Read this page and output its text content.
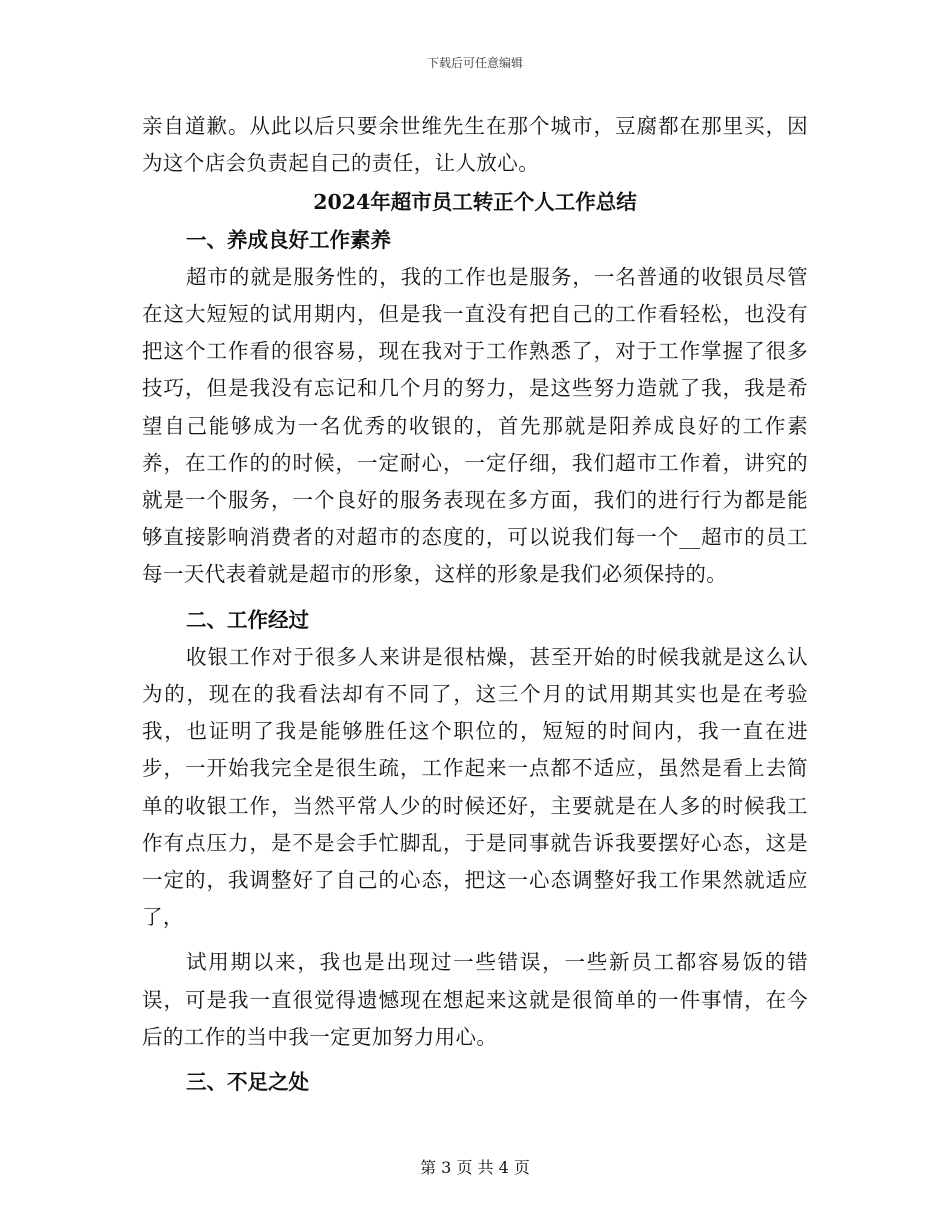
下载后可任意编辑

亲自道歉。从此以后只要余世维先生在那个城市，豆腐都在那里买，因为这个店会负责起自己的责任，让人放心。

2024年超市员工转正个人工作总结

一、养成良好工作素养

超市的就是服务性的，我的工作也是服务，一名普通的收银员尽管在这大短短的试用期内，但是我一直没有把自己的工作看轻松，也没有把这个工作看的很容易，现在我对于工作熟悉了，对于工作掌握了很多技巧，但是我没有忘记和几个月的努力，是这些努力造就了我，我是希望自己能够成为一名优秀的收银的，首先那就是阳养成良好的工作素养，在工作的的时候，一定耐心，一定仔细，我们超市工作着，讲究的就是一个服务，一个良好的服务表现在多方面，我们的进行行为都是能够直接影响消费者的对超市的态度的，可以说我们每一个__超市的员工每一天代表着就是超市的形象，这样的形象是我们必须保持的。

二、工作经过

收银工作对于很多人来讲是很枯燥，甚至开始的时候我就是这么认为的，现在的我看法却有不同了，这三个月的试用期其实也是在考验我，也证明了我是能够胜任这个职位的，短短的时间内，我一直在进步，一开始我完全是很生疏，工作起来一点都不适应，虽然是看上去简单的收银工作，当然平常人少的时候还好，主要就是在人多的时候我工作有点压力，是不是会手忙脚乱，于是同事就告诉我要摆好心态，这是一定的，我调整好了自己的心态，把这一心态调整好我工作果然就适应了，

试用期以来，我也是出现过一些错误，一些新员工都容易饭的错误，可是我一直很觉得遗憾现在想起来这就是很简单的一件事情，在今后的工作的当中我一定更加努力用心。

三、不足之处

第 3 页 共 4 页
